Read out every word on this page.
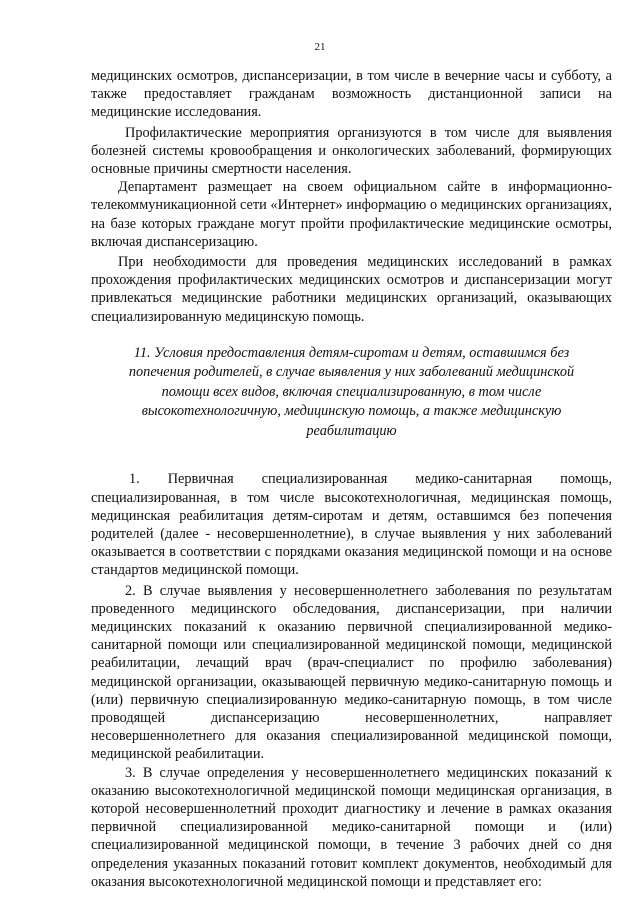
21

медицинских осмотров, диспансеризации, в том числе в вечерние часы и субботу, а также предоставляет гражданам возможность дистанционной записи на медицинские исследования.

Профилактические мероприятия организуются в том числе для выявления болезней системы кровообращения и онкологических заболеваний, формирующих основные причины смертности населения.

Департамент размещает на своем официальном сайте в информационно-телекоммуникационной сети «Интернет» информацию о медицинских организациях, на базе которых граждане могут пройти профилактические медицинские осмотры, включая диспансеризацию.

При необходимости для проведения медицинских исследований в рамках прохождения профилактических медицинских осмотров и диспансеризации могут привлекаться медицинские работники медицинских организаций, оказывающих специализированную медицинскую помощь.

11. Условия предоставления детям-сиротам и детям, оставшимся без
попечения родителей, в случае выявления у них заболеваний медицинской
помощи всех видов, включая специализированную, в том числе
высокотехнологичную, медицинскую помощь, а также медицинскую
реабилитацию

1. Первичная специализированная медико-санитарная помощь, специализированная, в том числе высокотехнологичная, медицинская помощь, медицинская реабилитация детям-сиротам и детям, оставшимся без попечения родителей (далее - несовершеннолетние), в случае выявления у них заболеваний оказывается в соответствии с порядками оказания медицинской помощи и на основе стандартов медицинской помощи.

2. В случае выявления у несовершеннолетнего заболевания по результатам проведенного медицинского обследования, диспансеризации, при наличии медицинских показаний к оказанию первичной специализированной медико-санитарной помощи или специализированной медицинской помощи, медицинской реабилитации, лечащий врач (врач-специалист по профилю заболевания) медицинской организации, оказывающей первичную медико-санитарную помощь и (или) первичную специализированную медико-санитарную помощь, в том числе проводящей диспансеризацию несовершеннолетних, направляет несовершеннолетнего для оказания специализированной медицинской помощи, медицинской реабилитации.

3. В случае определения у несовершеннолетнего медицинских показаний к оказанию высокотехнологичной медицинской помощи медицинская организация, в которой несовершеннолетний проходит диагностику и лечение в рамках оказания первичной специализированной медико-санитарной помощи и (или) специализированной медицинской помощи, в течение 3 рабочих дней со дня определения указанных показаний готовит комплект документов, необходимый для оказания высокотехнологичной медицинской помощи и представляет его:
